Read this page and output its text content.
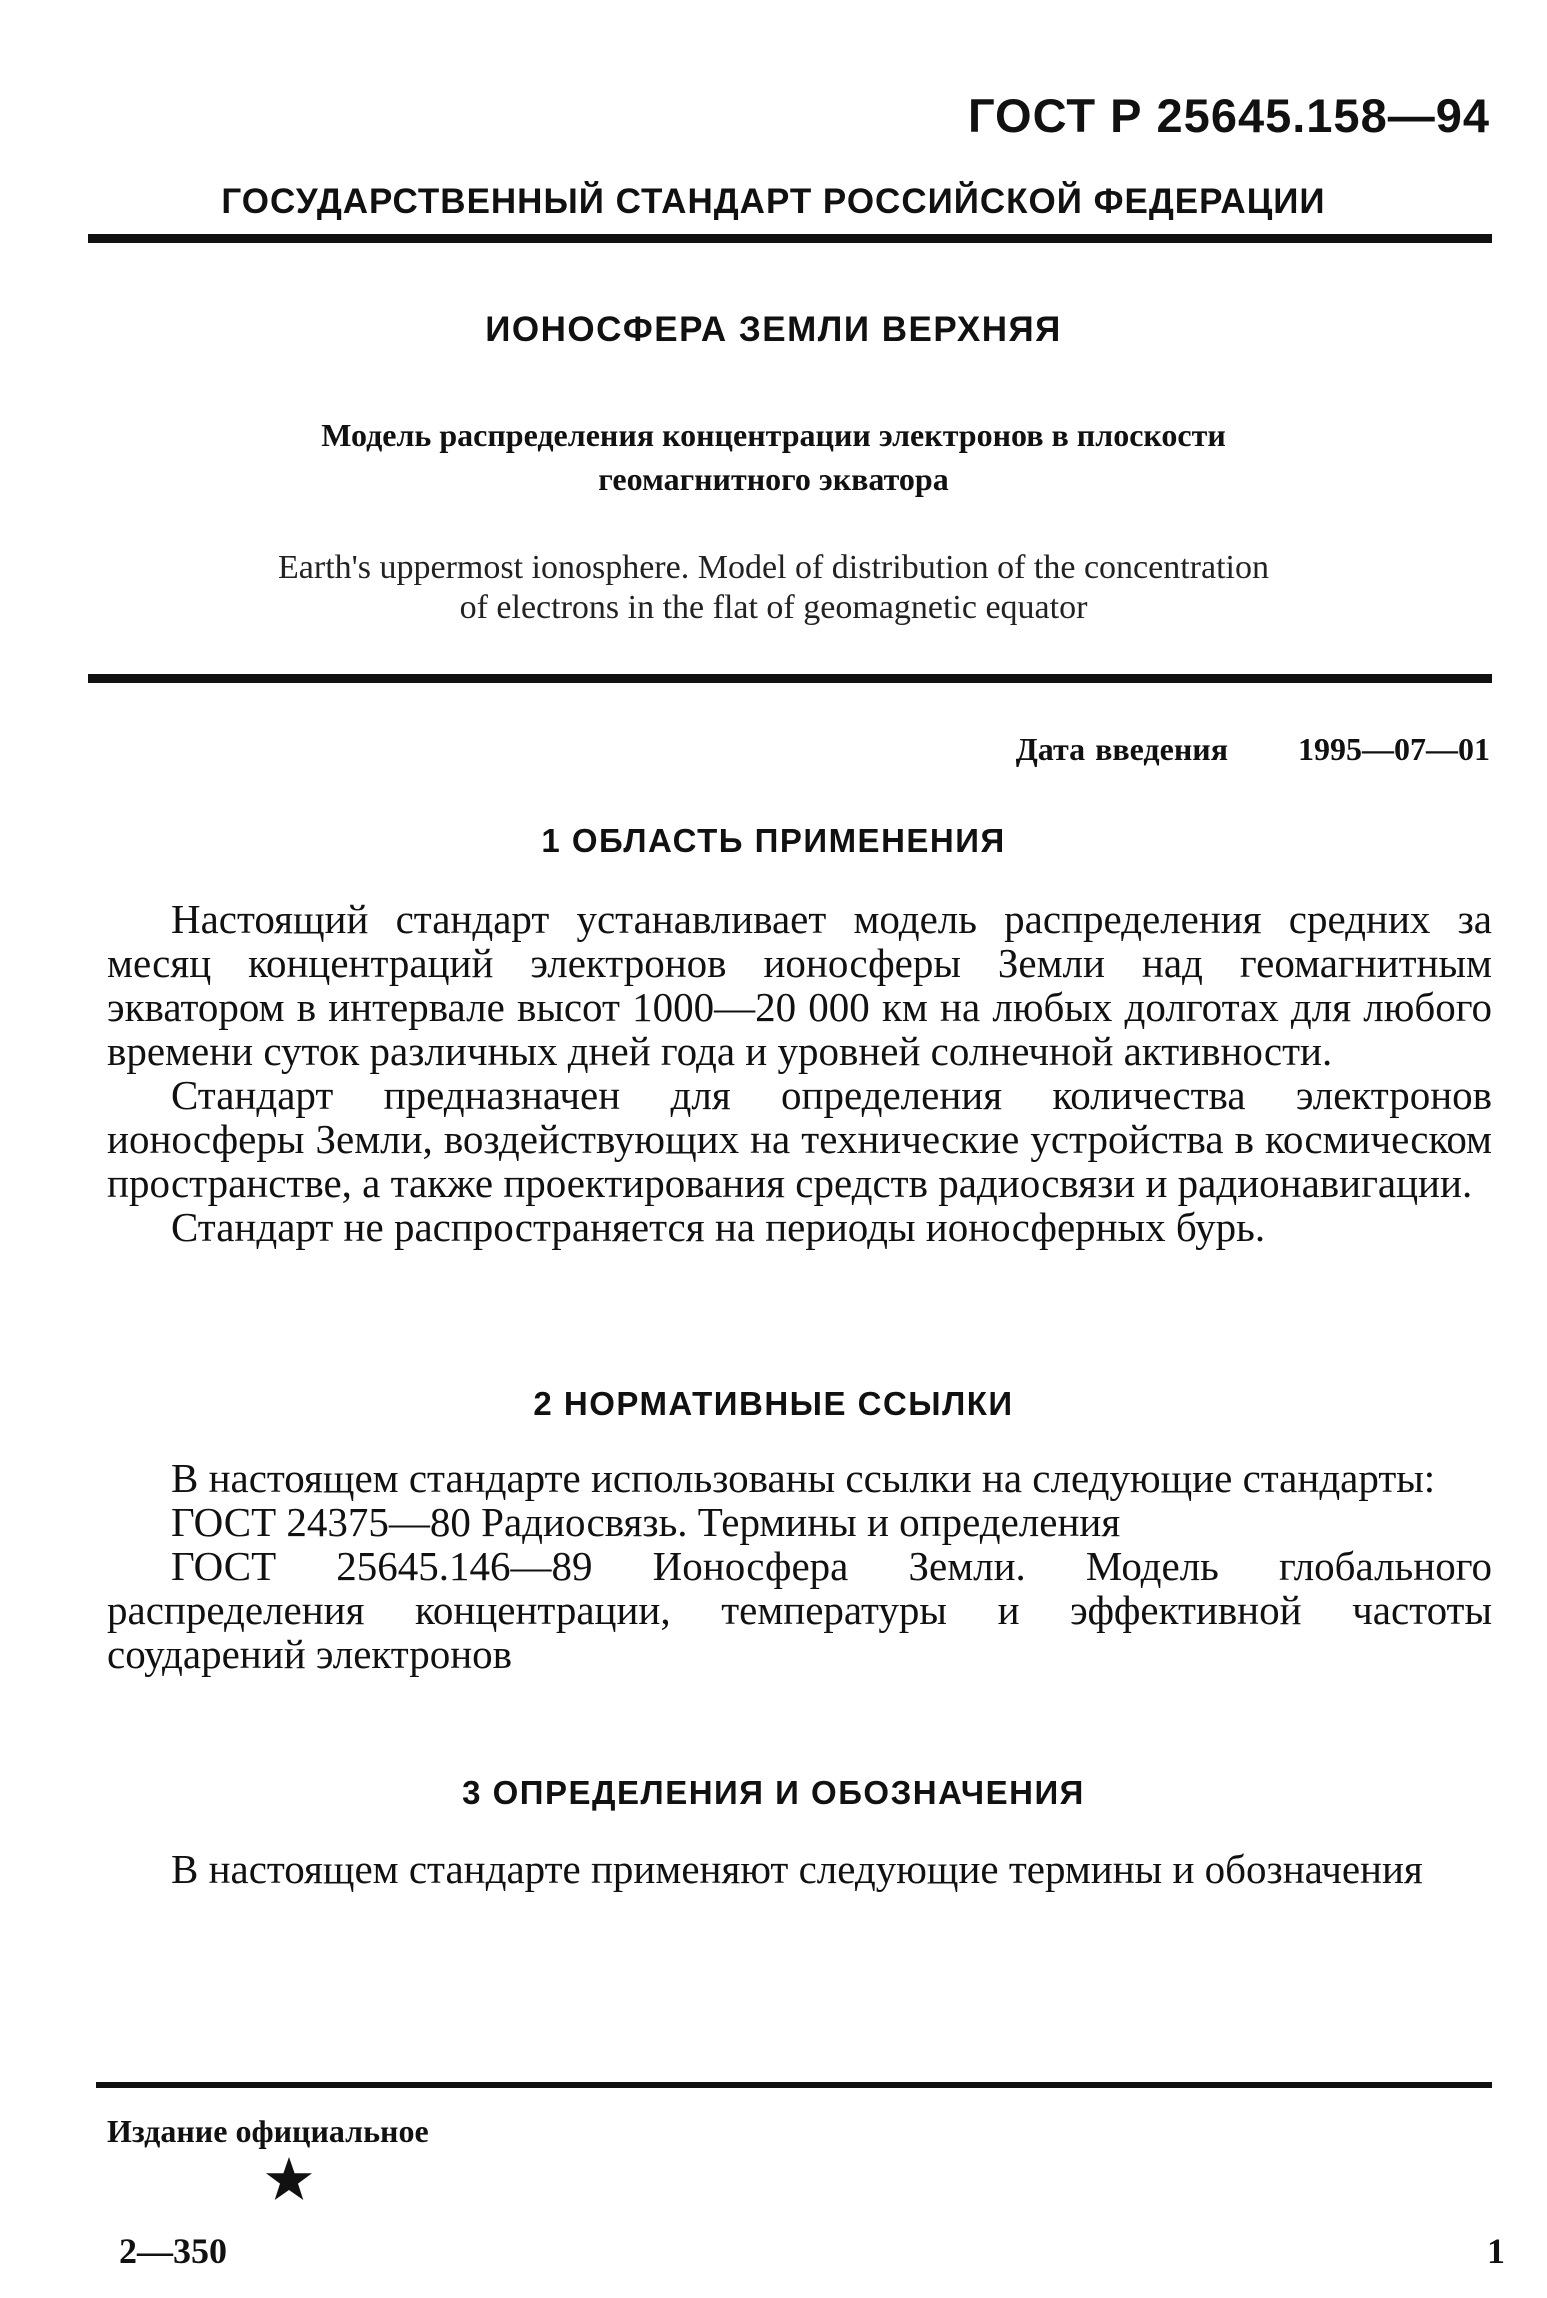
ГОСТ Р 25645.158—94
ГОСУДАРСТВЕННЫЙ СТАНДАРТ РОССИЙСКОЙ ФЕДЕРАЦИИ
ИОНОСФЕРА ЗЕМЛИ ВЕРХНЯЯ
Модель распределения концентрации электронов в плоскости
геомагнитного экватора
Earth's uppermost ionosphere. Model of distribution of the concentration
of electrons in the flat of geomagnetic equator
Дата введения 1995—07—01
1 ОБЛАСТЬ ПРИМЕНЕНИЯ

Настоящий стандарт устанавливает модель распределения средних за месяц концентраций электронов ионосферы Земли над геомагнитным экватором в интервале высот 1000—20 000 км на любых долготах для любого времени суток различных дней года и уровней солнечной активности.

Стандарт предназначен для определения количества электронов ионосферы Земли, воздействующих на технические устройства в космическом пространстве, а также проектирования средств радиосвязи и радионавигации.

Стандарт не распространяется на периоды ионосферных бурь.

2 НОРМАТИВНЫЕ ССЫЛКИ

В настоящем стандарте использованы ссылки на следующие стандарты:

ГОСТ 24375—80 Радиосвязь. Термины и определения

ГОСТ 25645.146—89 Ионосфера Земли. Модель глобального распределения концентрации, температуры и эффективной частоты соударений электронов

3 ОПРЕДЕЛЕНИЯ И ОБОЗНАЧЕНИЯ

В настоящем стандарте применяют следующие термины и обозначения

Издание официальное
2—350	1
